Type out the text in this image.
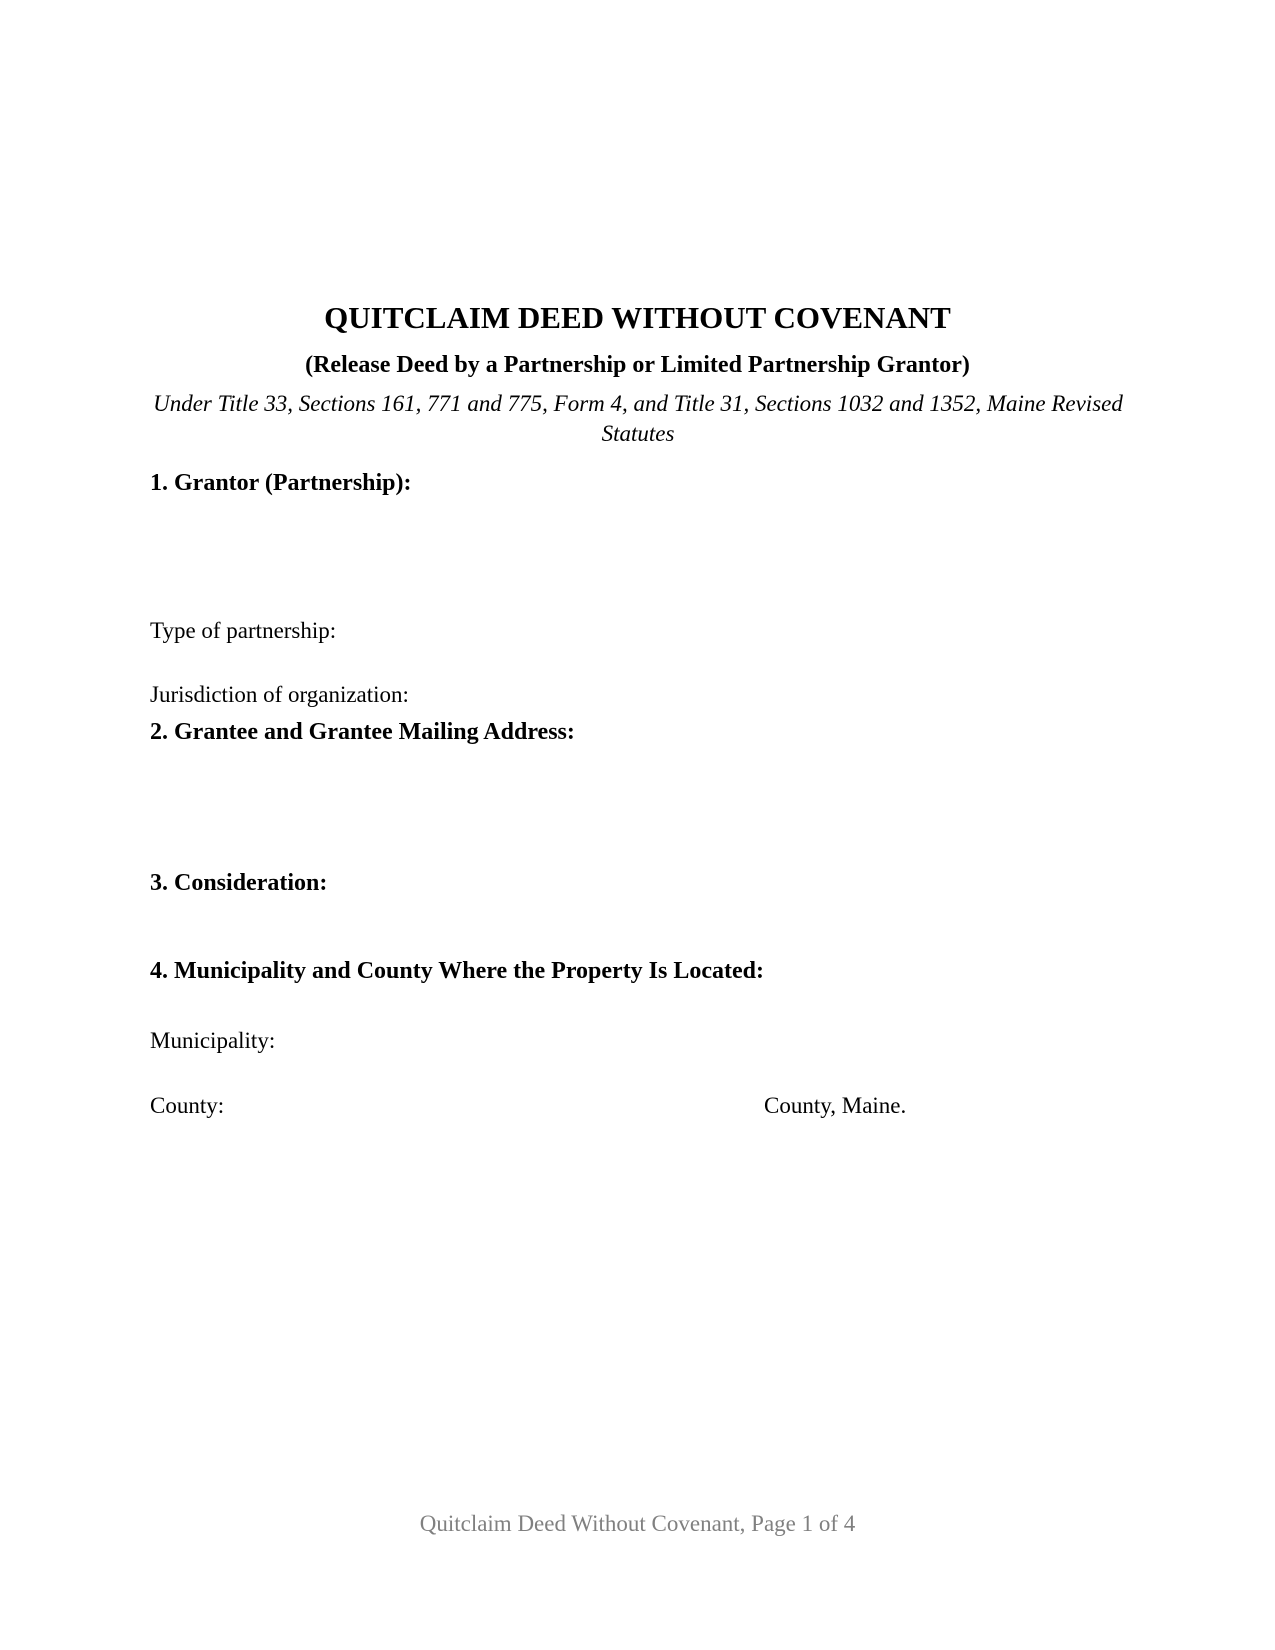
QUITCLAIM DEED WITHOUT COVENANT
(Release Deed by a Partnership or Limited Partnership Grantor)
Under Title 33, Sections 161, 771 and 775, Form 4, and Title 31, Sections 1032 and 1352, Maine Revised Statutes
1. Grantor (Partnership):
Type of partnership:
Jurisdiction of organization:
2. Grantee and Grantee Mailing Address:
3. Consideration:
4. Municipality and County Where the Property Is Located:
Municipality:
County:	County, Maine.
Quitclaim Deed Without Covenant, Page 1 of 4
